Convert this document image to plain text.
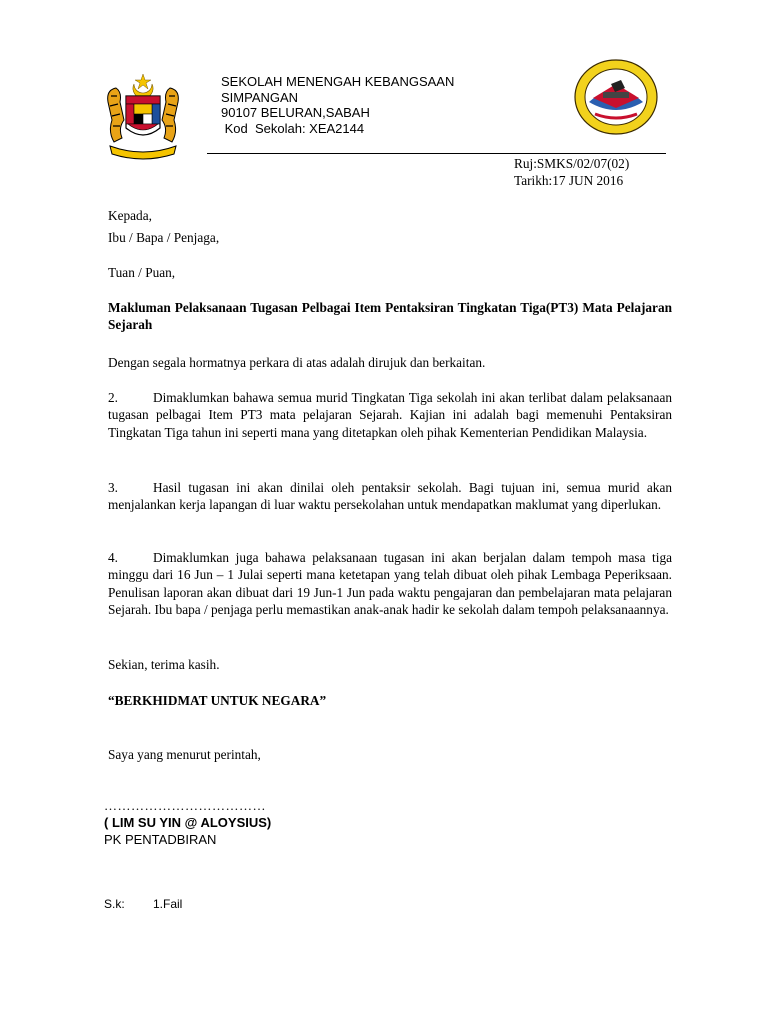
SEKOLAH MENENGAH KEBANGSAAN
SIMPANGAN
90107 BELURAN,SABAH
Kod  Sekolah: XEA2144
Ruj:SMKS/02/07(02)
Tarikh:17 JUN 2016
Kepada,
Ibu / Bapa / Penjaga,
Tuan / Puan,
Makluman Pelaksanaan Tugasan Pelbagai Item Pentaksiran Tingkatan Tiga(PT3) Mata Pelajaran Sejarah
Dengan segala hormatnya perkara di atas adalah dirujuk dan berkaitan.
2.	Dimaklumkan bahawa semua murid Tingkatan Tiga sekolah ini akan terlibat dalam pelaksanaan tugasan pelbagai Item PT3 mata pelajaran Sejarah. Kajian ini adalah bagi memenuhi Pentaksiran Tingkatan Tiga tahun ini seperti mana yang ditetapkan oleh pihak Kementerian Pendidikan Malaysia.
3.	Hasil tugasan ini akan dinilai oleh pentaksir sekolah. Bagi tujuan ini, semua murid akan menjalankan kerja lapangan di luar waktu persekolahan untuk mendapatkan maklumat yang diperlukan.
4.	Dimaklumkan juga bahawa pelaksanaan tugasan ini akan berjalan dalam tempoh masa tiga minggu dari 16 Jun – 1 Julai seperti mana ketetapan yang telah dibuat oleh pihak Lembaga Peperiksaan. Penulisan laporan akan dibuat dari 19 Jun-1 Jun pada waktu pengajaran dan pembelajaran mata pelajaran Sejarah. Ibu bapa / penjaga perlu memastikan anak-anak hadir ke sekolah dalam tempoh pelaksanaannya.
Sekian, terima kasih.
“BERKHIDMAT UNTUK NEGARA”
Saya yang menurut perintah,
………………………………
( LIM SU YIN @ ALOYSIUS)
PK PENTADBIRAN
S.k: 1.Fail
